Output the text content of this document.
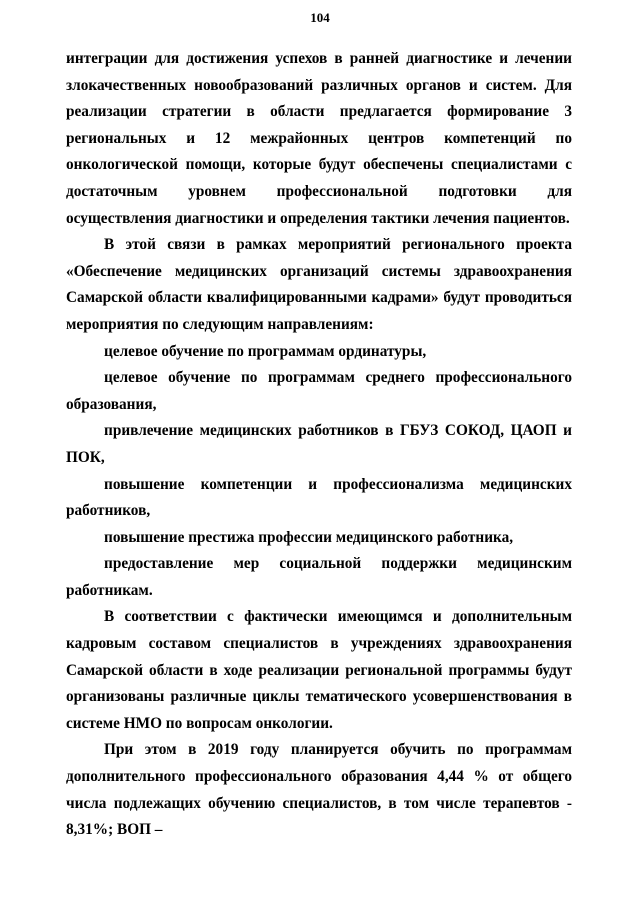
104

интеграции для достижения успехов в ранней диагностике и лечении злокачественных новообразований различных органов и систем. Для реализации стратегии в области предлагается формирование 3 региональных и 12 межрайонных центров компетенций по онкологической помощи, которые будут обеспечены специалистами с достаточным уровнем профессиональной подготовки для осуществления диагностики и определения тактики лечения пациентов.

В этой связи в рамках мероприятий регионального проекта «Обеспечение медицинских организаций системы здравоохранения Самарской области квалифицированными кадрами» будут проводиться мероприятия по следующим направлениям:

целевое обучение по программам ординатуры,

целевое обучение по программам среднего профессионального образования,

привлечение медицинских работников в ГБУЗ СОКОД, ЦАОП и ПОК,

повышение компетенции и профессионализма медицинских работников,

повышение престижа профессии медицинского работника,

предоставление мер социальной поддержки медицинским работникам.

В соответствии с фактически имеющимся и дополнительным кадровым составом специалистов в учреждениях здравоохранения Самарской области в ходе реализации региональной программы будут организованы различные циклы тематического усовершенствования в системе НМО по вопросам онкологии.

При этом в 2019 году планируется обучить по программам дополнительного профессионального образования 4,44 % от общего числа подлежащих обучению специалистов, в том числе терапевтов - 8,31%; ВОП –
